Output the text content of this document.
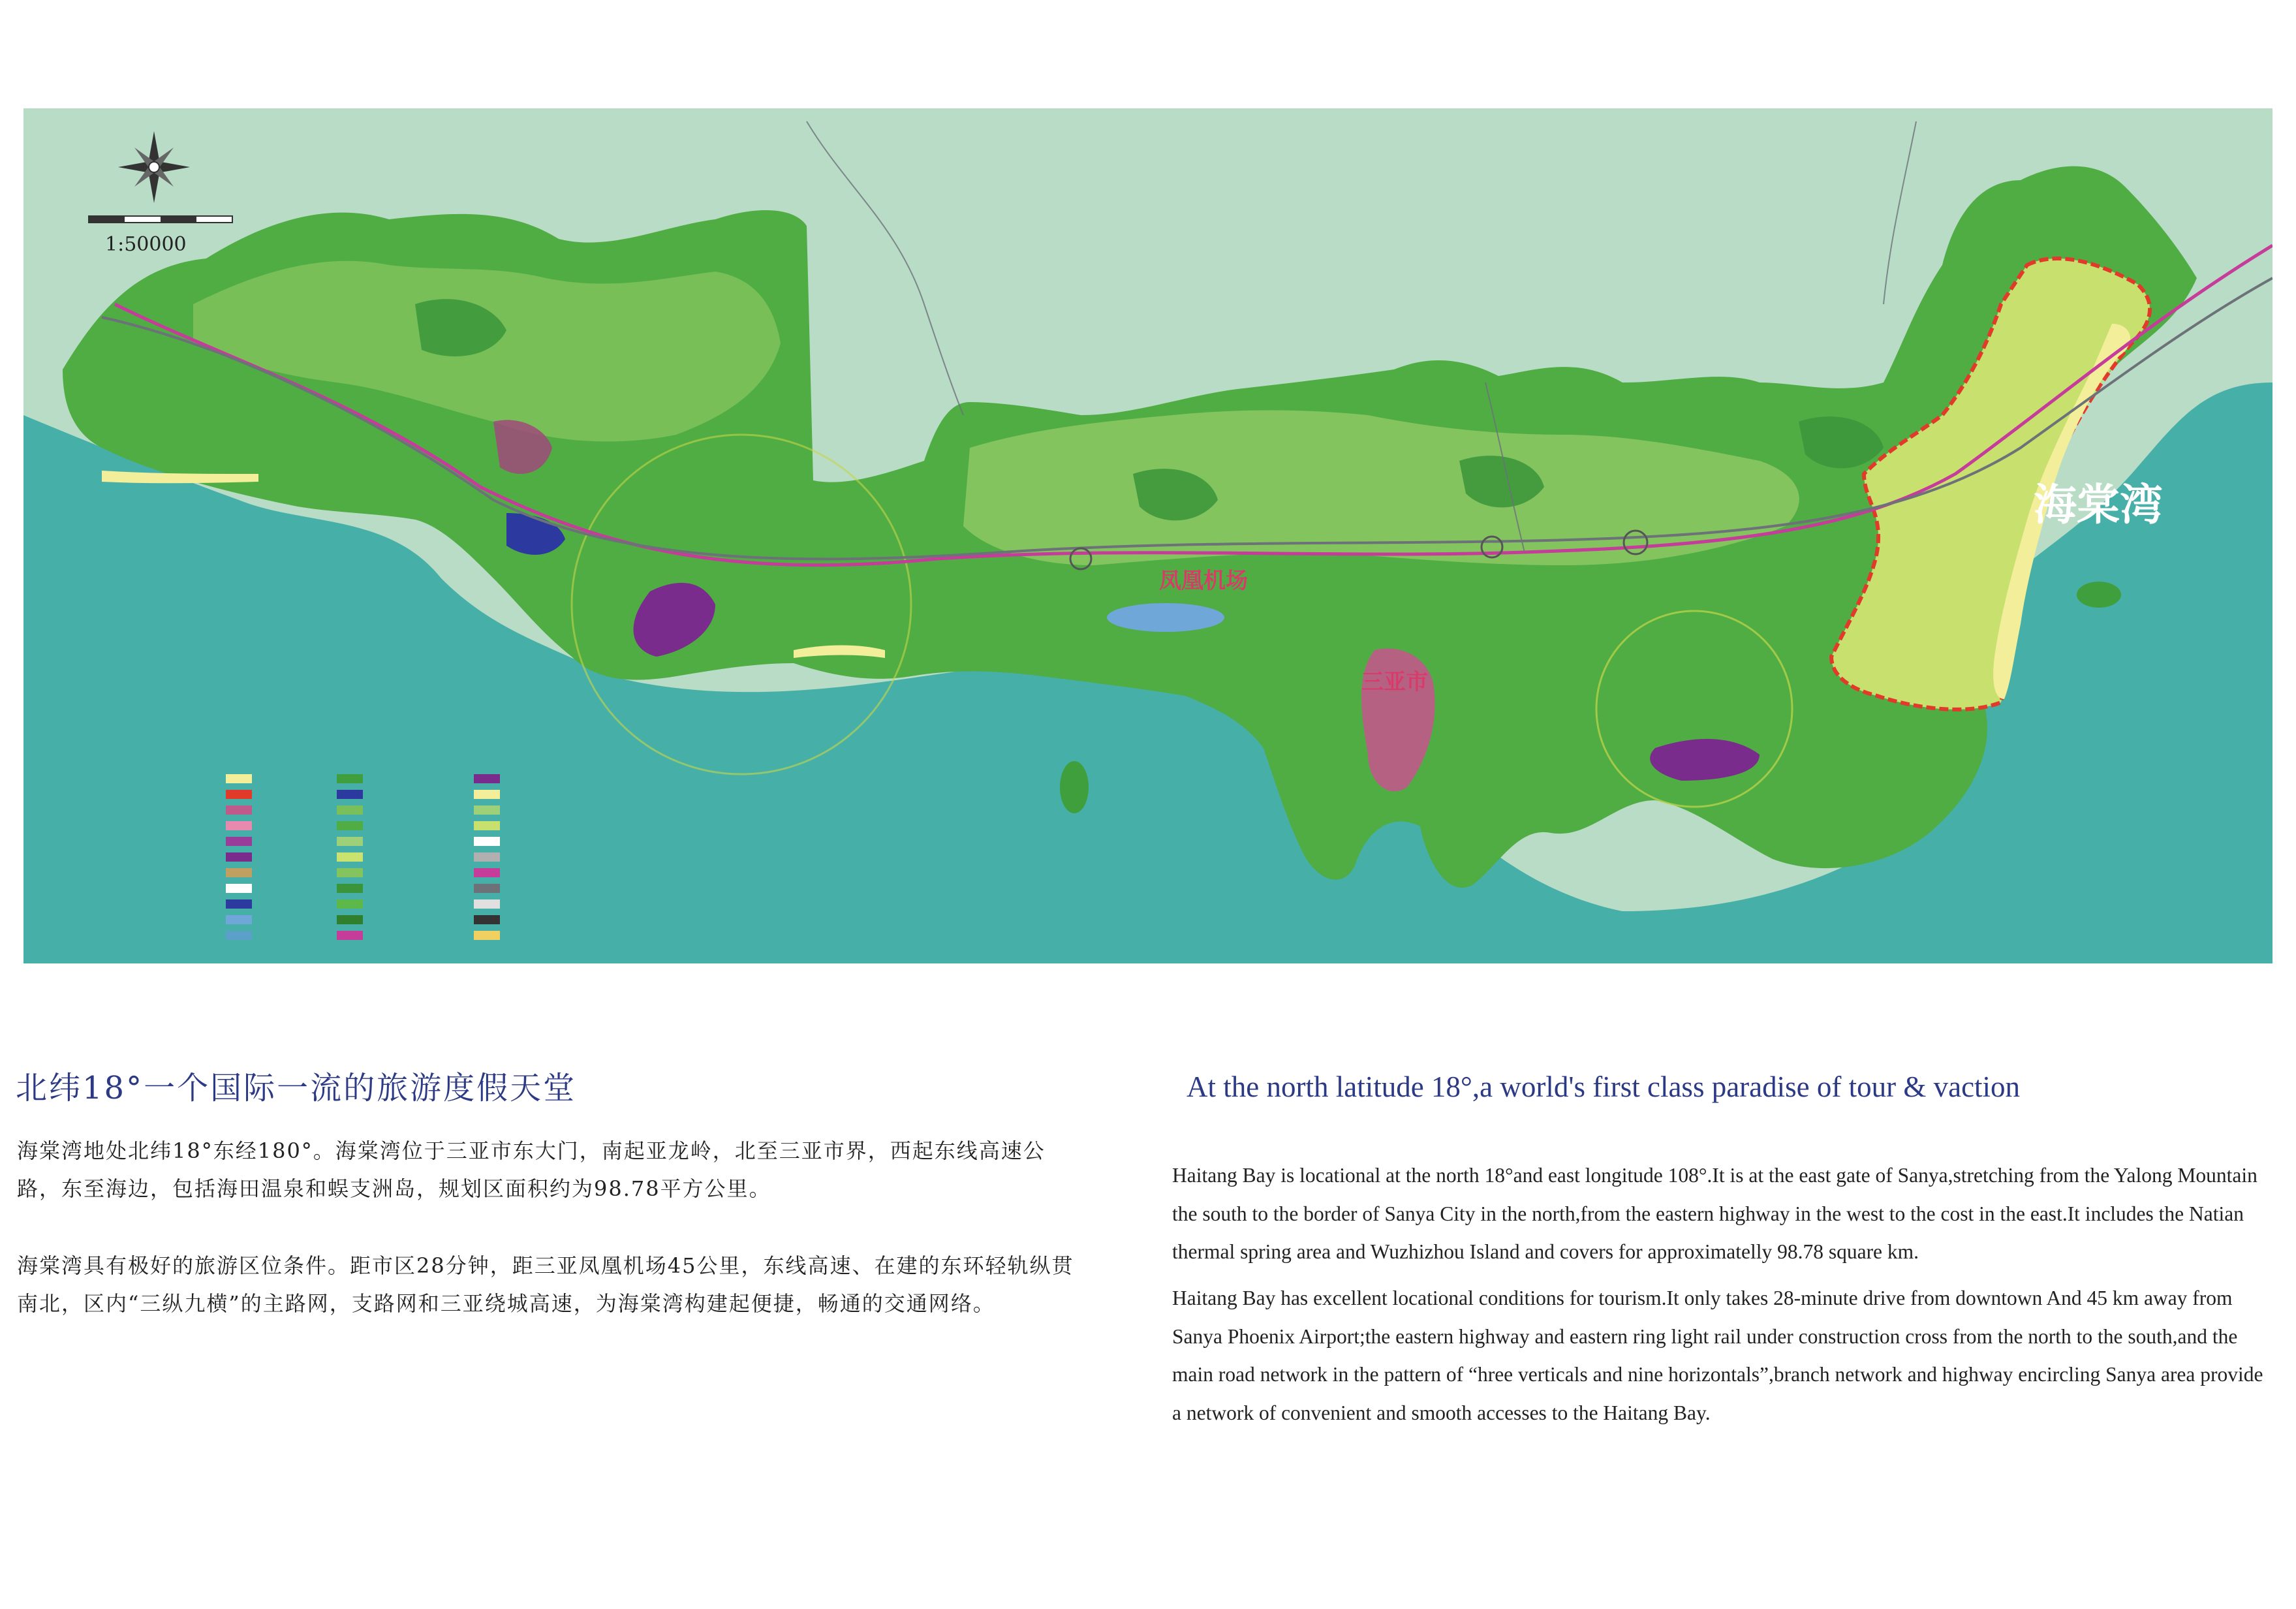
1:50000
海棠湾
凤凰机场
三亚市
北纬18°一个国际一流的旅游度假天堂
海棠湾地处北纬18°东经180°。海棠湾位于三亚市东大门，南起亚龙岭，北至三亚市界，西起东线高速公路，东至海边，包括海田温泉和蜈支洲岛，规划区面积约为98.78平方公里。
海棠湾具有极好的旅游区位条件。距市区28分钟，距三亚凤凰机场45公里，东线高速、在建的东环轻轨纵贯南北，区内“三纵九横”的主路网，支路网和三亚绕城高速，为海棠湾构建起便捷，畅通的交通网络。
At the north latitude 18°,a world's first class paradise of tour & vaction
Haitang Bay is locational at the north 18°and east longitude 108°.It is at the east gate of Sanya,stretching from the Yalong Mountain the south to the border of Sanya City in the north,from the eastern highway in the west to the cost in the east.It includes the Natian thermal spring area and Wuzhizhou Island and covers for approximatelly 98.78 square km.
Haitang Bay has excellent locational conditions for tourism.It only takes 28-minute drive from downtown And 45 km away from Sanya Phoenix Airport;the eastern highway and eastern ring light rail under construction cross from the north to the south,and the main road network in the pattern of “hree verticals and nine horizontals”,branch network and highway encircling Sanya area provide a network of convenient and smooth accesses to the Haitang Bay.
